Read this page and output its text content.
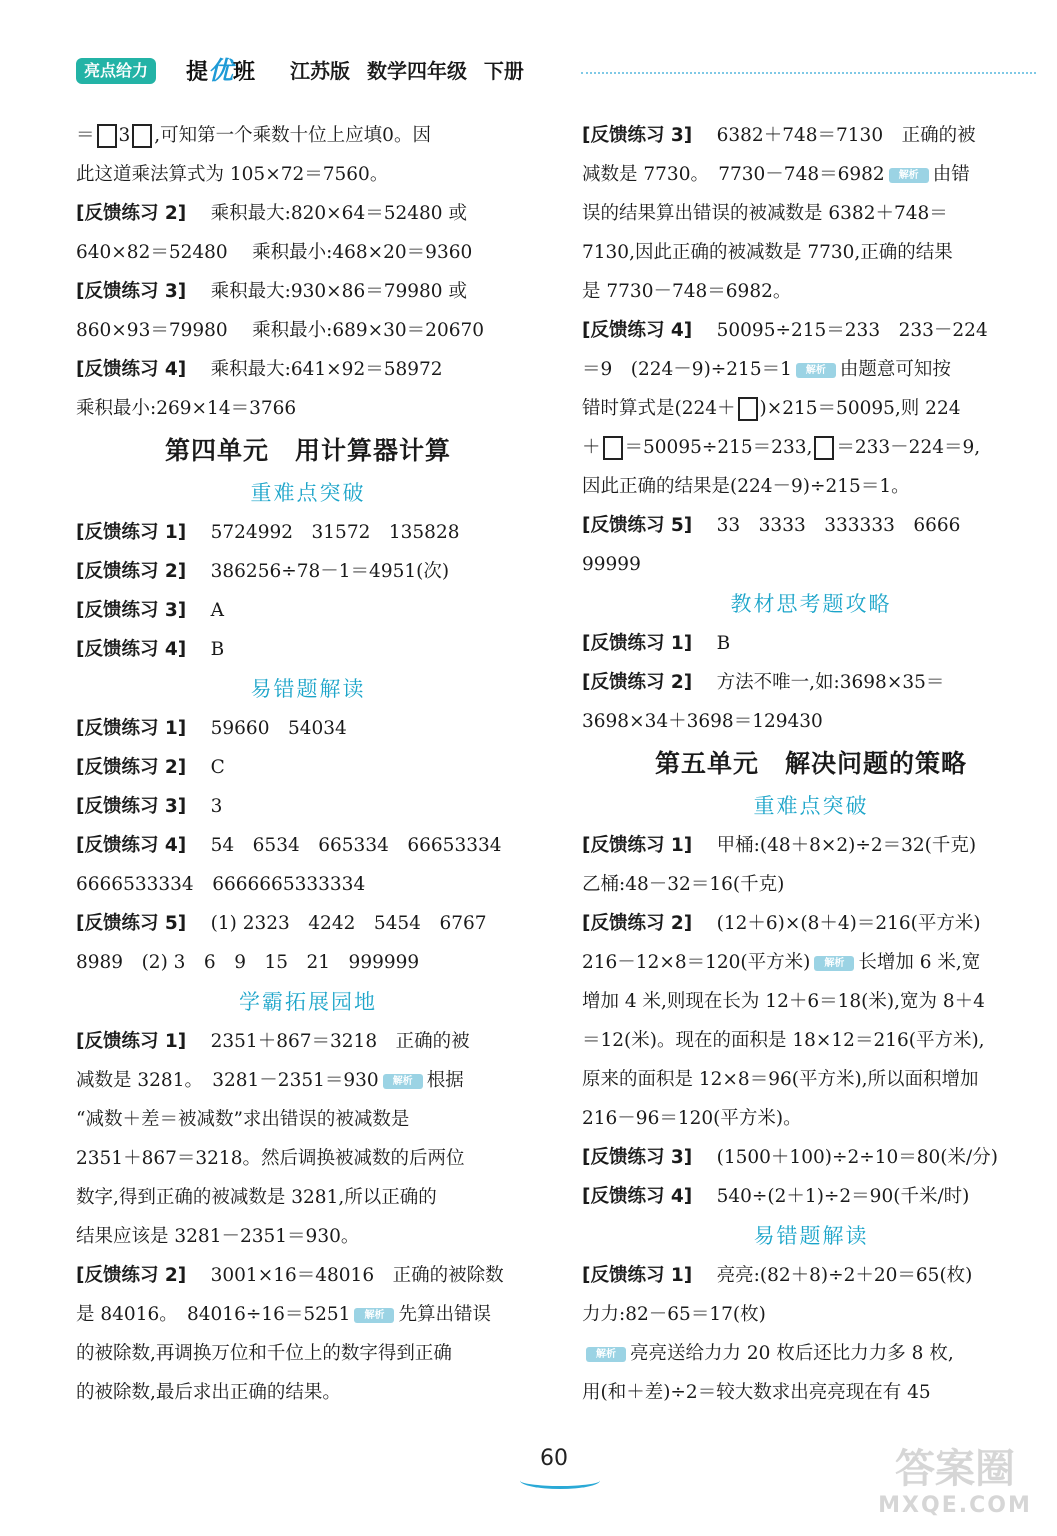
亮点给力	提优班 江苏版 数学四年级 下册
＝ 3 ,可知第一个乘数十位上应填0。因
此这道乘法算式为 105×72＝7560。
[反馈练习 2]　 乘积最大:820×64＝52480 或
640×82＝52480　 乘积最小:468×20＝9360
[反馈练习 3]　 乘积最大:930×86＝79980 或
860×93＝79980　 乘积最小:689×30＝20670
[反馈练习 4]　 乘积最大:641×92＝58972
乘积最小:269×14＝3766
第四单元　用计算器计算
重难点突破
[反馈练习 1]　 5724992　31572　135828
[反馈练习 2]　 386256÷78－1＝4951(次)
[反馈练习 3]　 A
[反馈练习 4]　 B
易错题解读
[反馈练习 1]　 59660　54034
[反馈练习 2]　 C
[反馈练习 3]　 3
[反馈练习 4]　 54　6534　665334　66653334
6666533334　6666665333334
[反馈练习 5]　 (1) 2323　4242　5454　6767
8989　(2) 3　6　9　15　21　999999
学霸拓展园地
[反馈练习 1]　 2351＋867＝3218　正确的被
减数是 3281。　3281－2351＝930 解析 根据
“减数＋差＝被减数”求出错误的被减数是
2351＋867＝3218。然后调换被减数的后两位
数字,得到正确的被减数是 3281,所以正确的
结果应该是 3281－2351＝930。
[反馈练习 2]　 3001×16＝48016　正确的被除数
是 84016。　84016÷16＝5251 解析 先算出错误
的被除数,再调换万位和千位上的数字得到正确
的被除数,最后求出正确的结果。
[反馈练习 3]　 6382＋748＝7130　正确的被
减数是 7730。　7730－748＝6982 解析 由错
误的结果算出错误的被减数是 6382＋748＝
7130,因此正确的被减数是 7730,正确的结果
是 7730－748＝6982。
[反馈练习 4]　 50095÷215＝233　233－224
＝9　(224－9)÷215＝1 解析 由题意可知按
错时算式是(224＋ )×215＝50095,则 224
＋ ＝50095÷215＝233, ＝233－224＝9,
因此正确的结果是(224－9)÷215＝1。
[反馈练习 5]　 33　3333　333333　6666
99999
教材思考题攻略
[反馈练习 1]　 B
[反馈练习 2]　 方法不唯一,如:3698×35＝
3698×34＋3698＝129430
第五单元　解决问题的策略
重难点突破
[反馈练习 1]　 甲桶:(48＋8×2)÷2＝32(千克)
乙桶:48－32＝16(千克)
[反馈练习 2]　 (12＋6)×(8＋4)＝216(平方米)
216－12×8＝120(平方米) 解析 长增加 6 米,宽
增加 4 米,则现在长为 12＋6＝18(米),宽为 8＋4
＝12(米)。现在的面积是 18×12＝216(平方米),
原来的面积是 12×8＝96(平方米),所以面积增加
216－96＝120(平方米)。
[反馈练习 3]　 (1500＋100)÷2÷10＝80(米/分)
[反馈练习 4]　 540÷(2＋1)÷2＝90(千米/时)
易错题解读
[反馈练习 1]　 亮亮:(82＋8)÷2＋20＝65(枚)
力力:82－65＝17(枚)
解析 亮亮送给力力 20 枚后还比力力多 8 枚,
用(和＋差)÷2＝较大数求出亮亮现在有 45
60	答案圈
MXQE.COM
